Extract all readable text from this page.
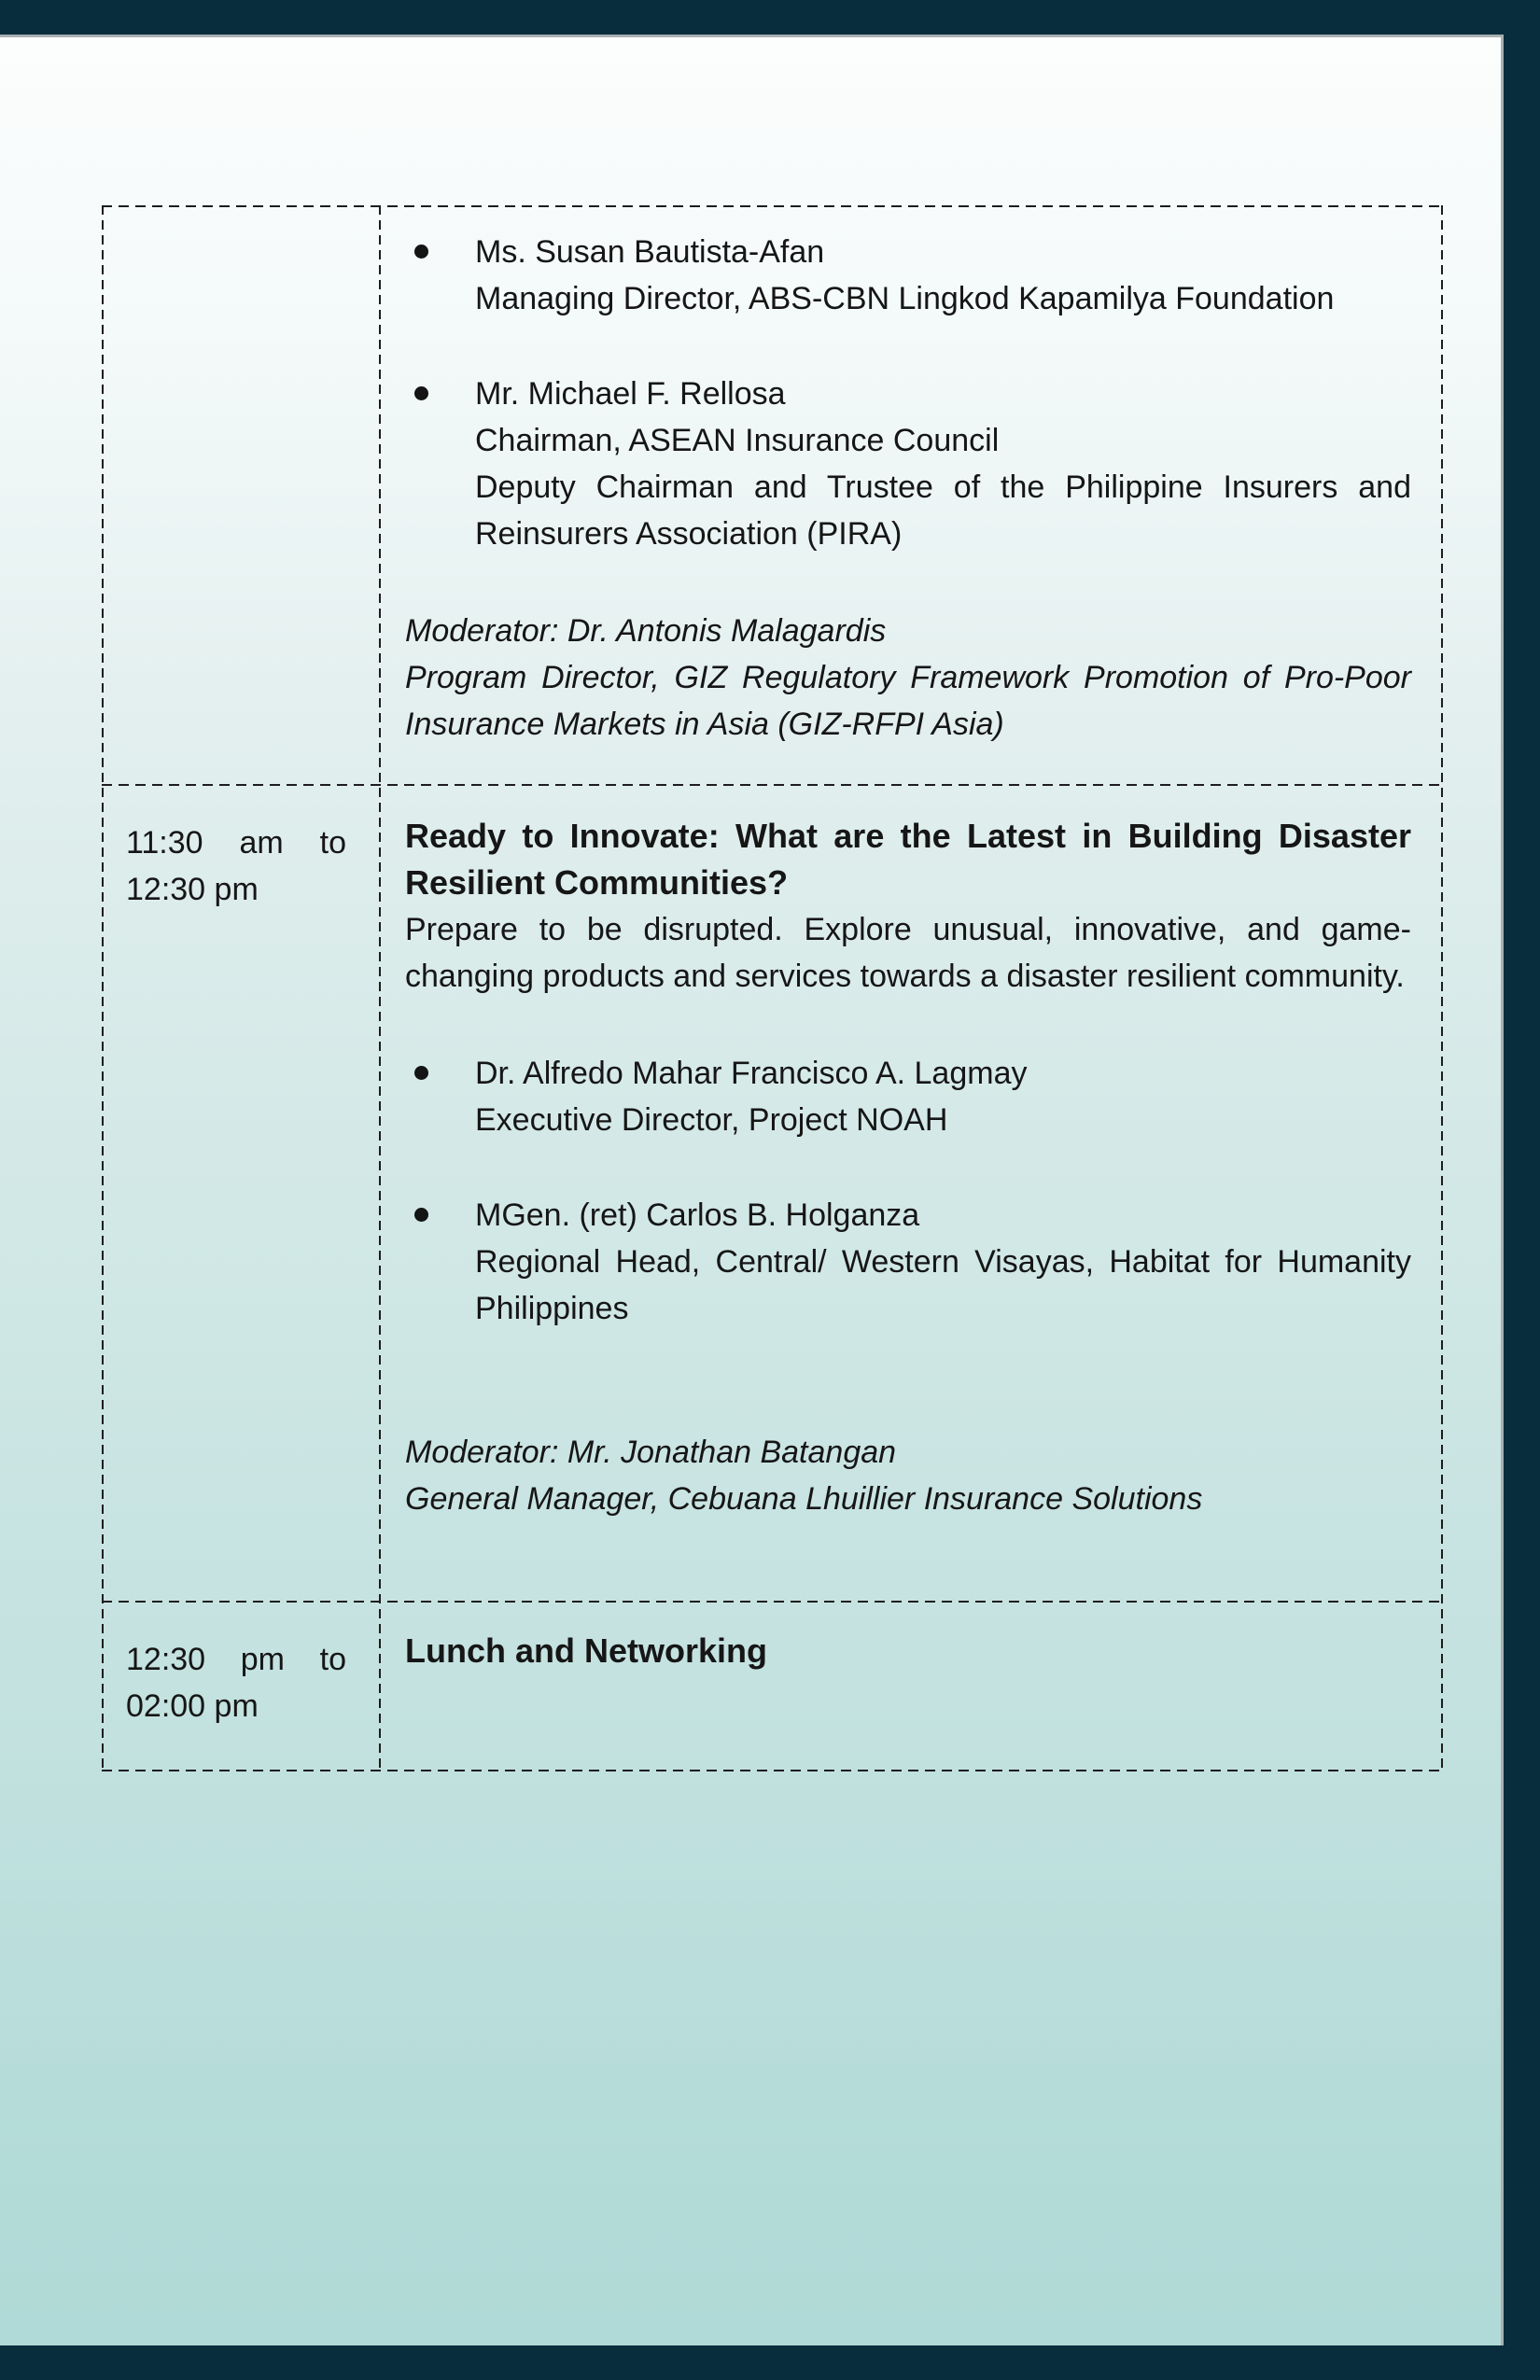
Ms. Susan Bautista-Afan
Managing Director, ABS-CBN Lingkod Kapamilya Foundation
Mr. Michael F. Rellosa
Chairman, ASEAN Insurance Council
Deputy Chairman and Trustee of the Philippine Insurers and Reinsurers Association (PIRA)
Moderator: Dr. Antonis Malagardis
Program Director, GIZ Regulatory Framework Promotion of Pro-Poor Insurance Markets in Asia (GIZ-RFPI Asia)
11:30 am to 12:30 pm
Ready to Innovate: What are the Latest in Building Disaster Resilient Communities?
Prepare to be disrupted. Explore unusual, innovative, and game-changing products and services towards a disaster resilient community.
Dr. Alfredo Mahar Francisco A. Lagmay
Executive Director, Project NOAH
MGen. (ret) Carlos B. Holganza
Regional Head, Central/ Western Visayas, Habitat for Humanity Philippines
Moderator: Mr. Jonathan Batangan
General Manager, Cebuana Lhuillier Insurance Solutions
12:30 pm to 02:00 pm
Lunch and Networking
